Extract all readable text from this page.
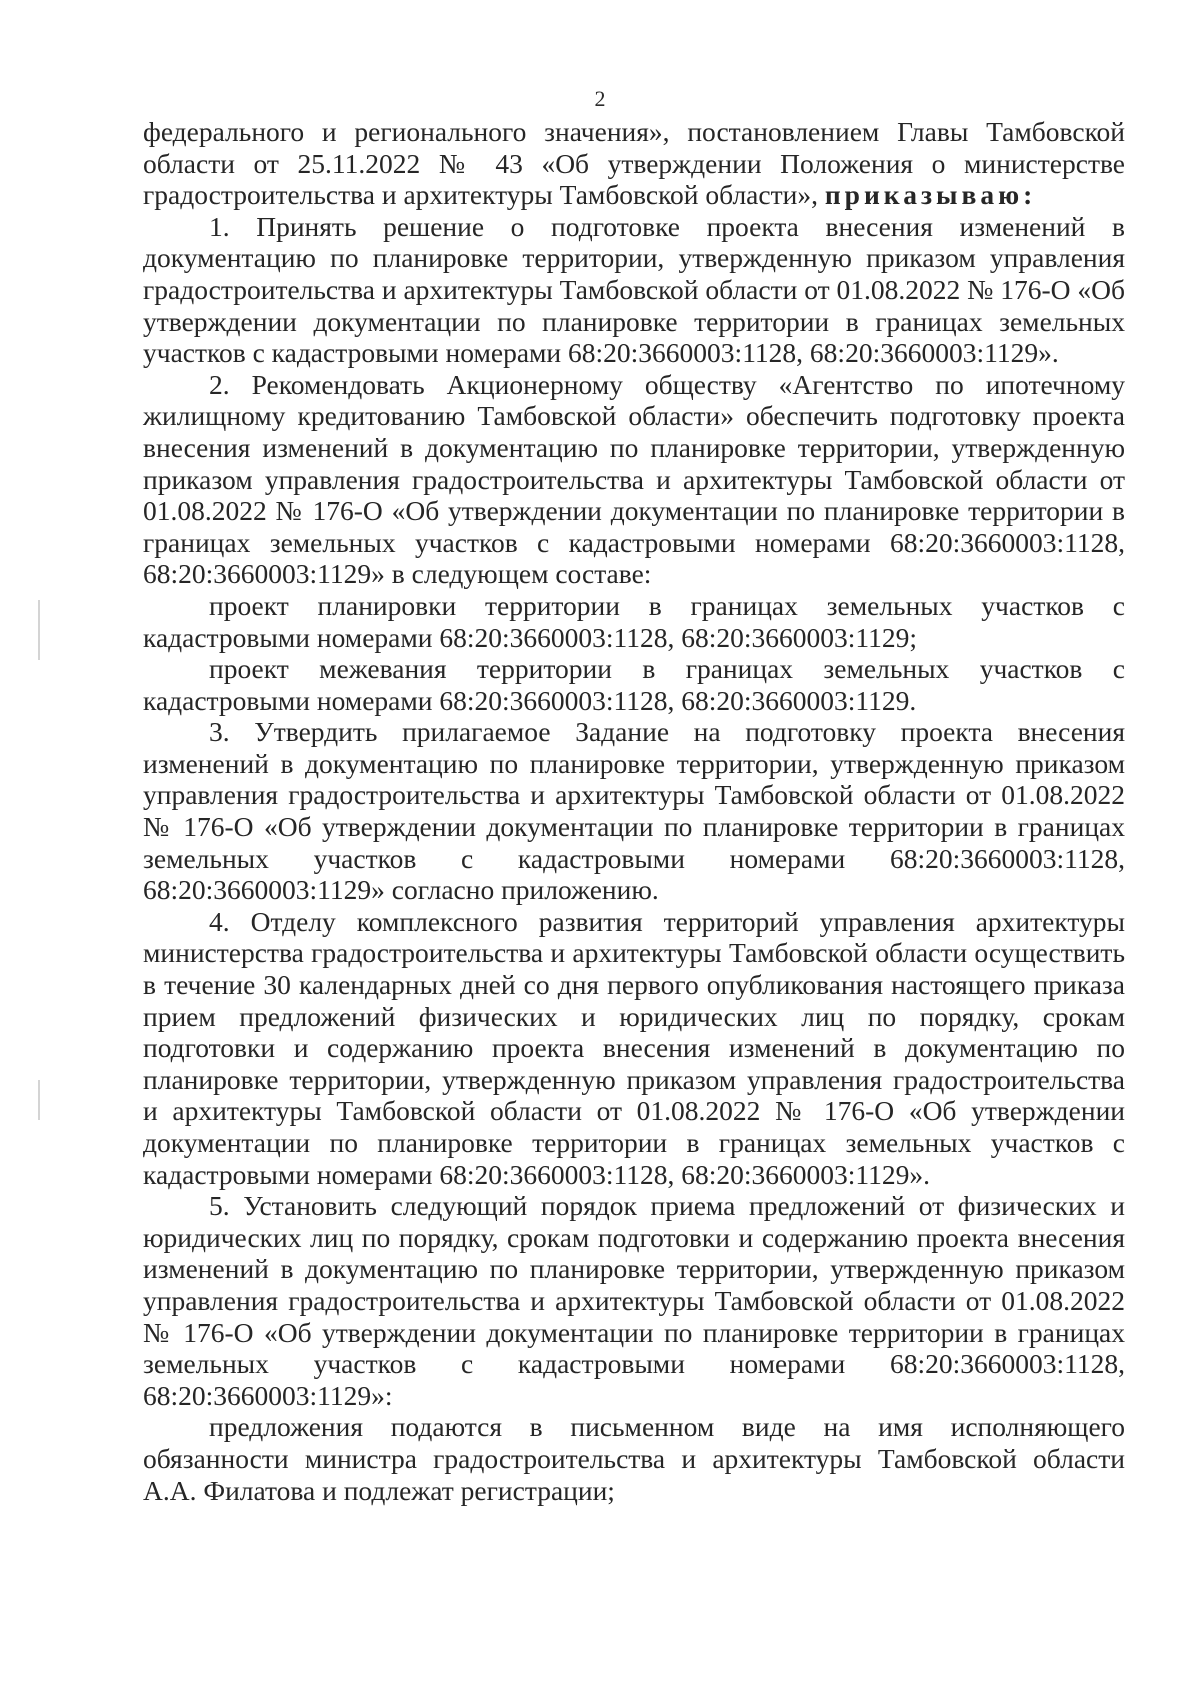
2

федерального и регионального значения», постановлением Главы Тамбовской области от 25.11.2022 № 43 «Об утверждении Положения о министерстве градостроительства и архитектуры Тамбовской области», приказываю:

1. Принять решение о подготовке проекта внесения изменений в документацию по планировке территории, утвержденную приказом управления градостроительства и архитектуры Тамбовской области от 01.08.2022 № 176-О «Об утверждении документации по планировке территории в границах земельных участков с кадастровыми номерами 68:20:3660003:1128, 68:20:3660003:1129».

2. Рекомендовать Акционерному обществу «Агентство по ипотечному жилищному кредитованию Тамбовской области» обеспечить подготовку проекта внесения изменений в документацию по планировке территории, утвержденную приказом управления градостроительства и архитектуры Тамбовской области от 01.08.2022 № 176-О «Об утверждении документации по планировке территории в границах земельных участков с кадастровыми номерами 68:20:3660003:1128, 68:20:3660003:1129» в следующем составе:

проект планировки территории в границах земельных участков с кадастровыми номерами 68:20:3660003:1128, 68:20:3660003:1129;

проект межевания территории в границах земельных участков с кадастровыми номерами 68:20:3660003:1128, 68:20:3660003:1129.

3. Утвердить прилагаемое Задание на подготовку проекта внесения изменений в документацию по планировке территории, утвержденную приказом управления градостроительства и архитектуры Тамбовской области от 01.08.2022 № 176-О «Об утверждении документации по планировке территории в границах земельных участков с кадастровыми номерами 68:20:3660003:1128, 68:20:3660003:1129» согласно приложению.

4. Отделу комплексного развития территорий управления архитектуры министерства градостроительства и архитектуры Тамбовской области осуществить в течение 30 календарных дней со дня первого опубликования настоящего приказа прием предложений физических и юридических лиц по порядку, срокам подготовки и содержанию проекта внесения изменений в документацию по планировке территории, утвержденную приказом управления градостроительства и архитектуры Тамбовской области от 01.08.2022 № 176-О «Об утверждении документации по планировке территории в границах земельных участков с кадастровыми номерами 68:20:3660003:1128, 68:20:3660003:1129».

5. Установить следующий порядок приема предложений от физических и юридических лиц по порядку, срокам подготовки и содержанию проекта внесения изменений в документацию по планировке территории, утвержденную приказом управления градостроительства и архитектуры Тамбовской области от 01.08.2022 № 176-О «Об утверждении документации по планировке территории в границах земельных участков с кадастровыми номерами 68:20:3660003:1128, 68:20:3660003:1129»:

предложения подаются в письменном виде на имя исполняющего обязанности министра градостроительства и архитектуры Тамбовской области А.А. Филатова и подлежат регистрации;
